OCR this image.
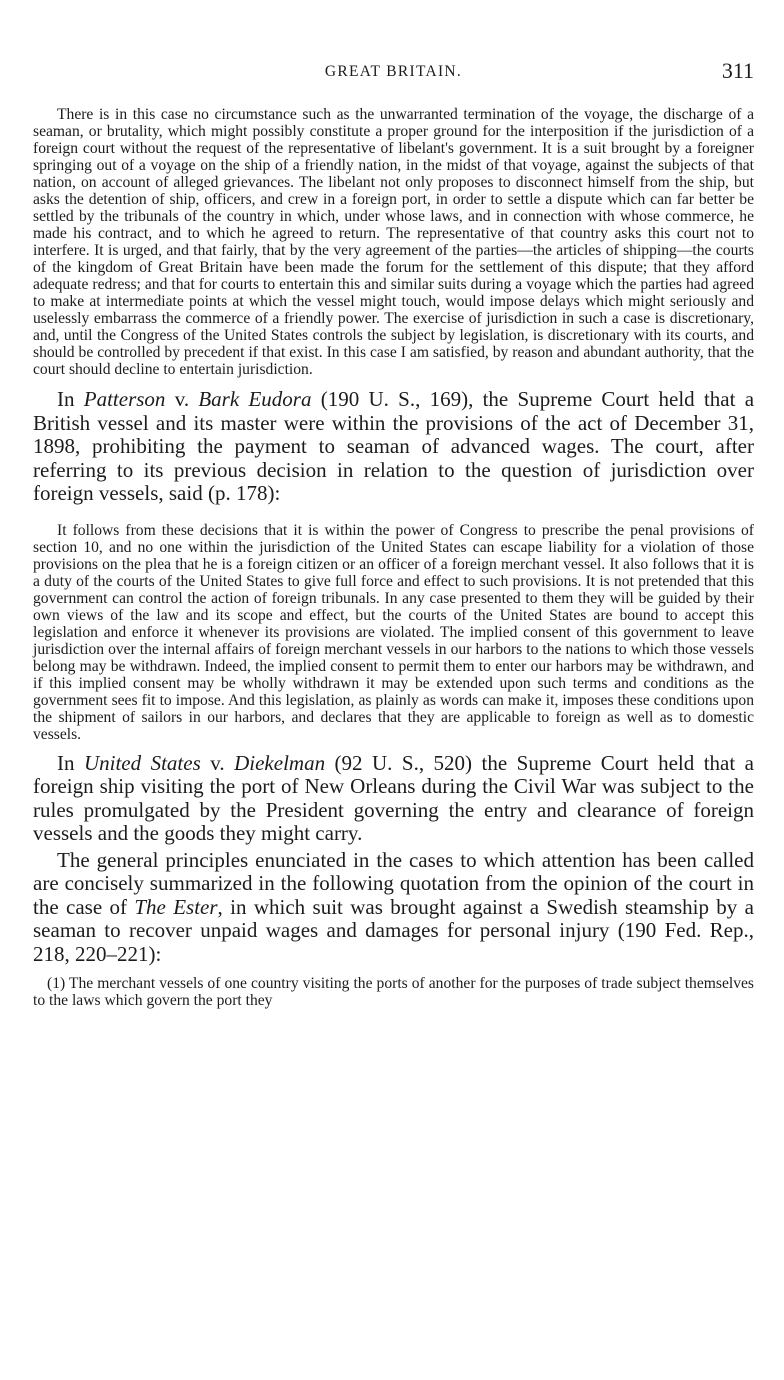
GREAT BRITAIN.	311

There is in this case no circumstance such as the unwarranted termination of the voyage, the discharge of a seaman, or brutality, which might possibly constitute a proper ground for the interposition if the jurisdiction of a foreign court without the request of the representative of libelant's government. It is a suit brought by a foreigner springing out of a voyage on the ship of a friendly nation, in the midst of that voyage, against the subjects of that nation, on account of alleged grievances. The libelant not only proposes to disconnect himself from the ship, but asks the detention of ship, officers, and crew in a foreign port, in order to settle a dispute which can far better be settled by the tribunals of the country in which, under whose laws, and in connection with whose commerce, he made his contract, and to which he agreed to return. The representative of that country asks this court not to interfere. It is urged, and that fairly, that by the very agreement of the parties—the articles of shipping—the courts of the kingdom of Great Britain have been made the forum for the settlement of this dispute; that they afford adequate redress; and that for courts to entertain this and similar suits during a voyage which the parties had agreed to make at intermediate points at which the vessel might touch, would impose delays which might seriously and uselessly embarrass the commerce of a friendly power. The exercise of jurisdiction in such a case is discretionary, and, until the Congress of the United States controls the subject by legislation, is discretionary with its courts, and should be controlled by precedent if that exist. In this case I am satisfied, by reason and abundant authority, that the court should decline to entertain jurisdiction.

In Patterson v. Bark Eudora (190 U. S., 169), the Supreme Court held that a British vessel and its master were within the provisions of the act of December 31, 1898, prohibiting the payment to seaman of advanced wages. The court, after referring to its previous decision in relation to the question of jurisdiction over foreign vessels, said (p. 178):

It follows from these decisions that it is within the power of Congress to prescribe the penal provisions of section 10, and no one within the jurisdiction of the United States can escape liability for a violation of those provisions on the plea that he is a foreign citizen or an officer of a foreign merchant vessel. It also follows that it is a duty of the courts of the United States to give full force and effect to such provisions. It is not pretended that this government can control the action of foreign tribunals. In any case presented to them they will be guided by their own views of the law and its scope and effect, but the courts of the United States are bound to accept this legislation and enforce it whenever its provisions are violated. The implied consent of this government to leave jurisdiction over the internal affairs of foreign merchant vessels in our harbors to the nations to which those vessels belong may be withdrawn. Indeed, the implied consent to permit them to enter our harbors may be withdrawn, and if this implied consent may be wholly withdrawn it may be extended upon such terms and conditions as the government sees fit to impose. And this legislation, as plainly as words can make it, imposes these conditions upon the shipment of sailors in our harbors, and declares that they are applicable to foreign as well as to domestic vessels.

In United States v. Diekelman (92 U. S., 520) the Supreme Court held that a foreign ship visiting the port of New Orleans during the Civil War was subject to the rules promulgated by the President governing the entry and clearance of foreign vessels and the goods they might carry.

The general principles enunciated in the cases to which attention has been called are concisely summarized in the following quotation from the opinion of the court in the case of The Ester, in which suit was brought against a Swedish steamship by a seaman to recover unpaid wages and damages for personal injury (190 Fed. Rep., 218, 220–221):

(1) The merchant vessels of one country visiting the ports of another for the purposes of trade subject themselves to the laws which govern the port they
